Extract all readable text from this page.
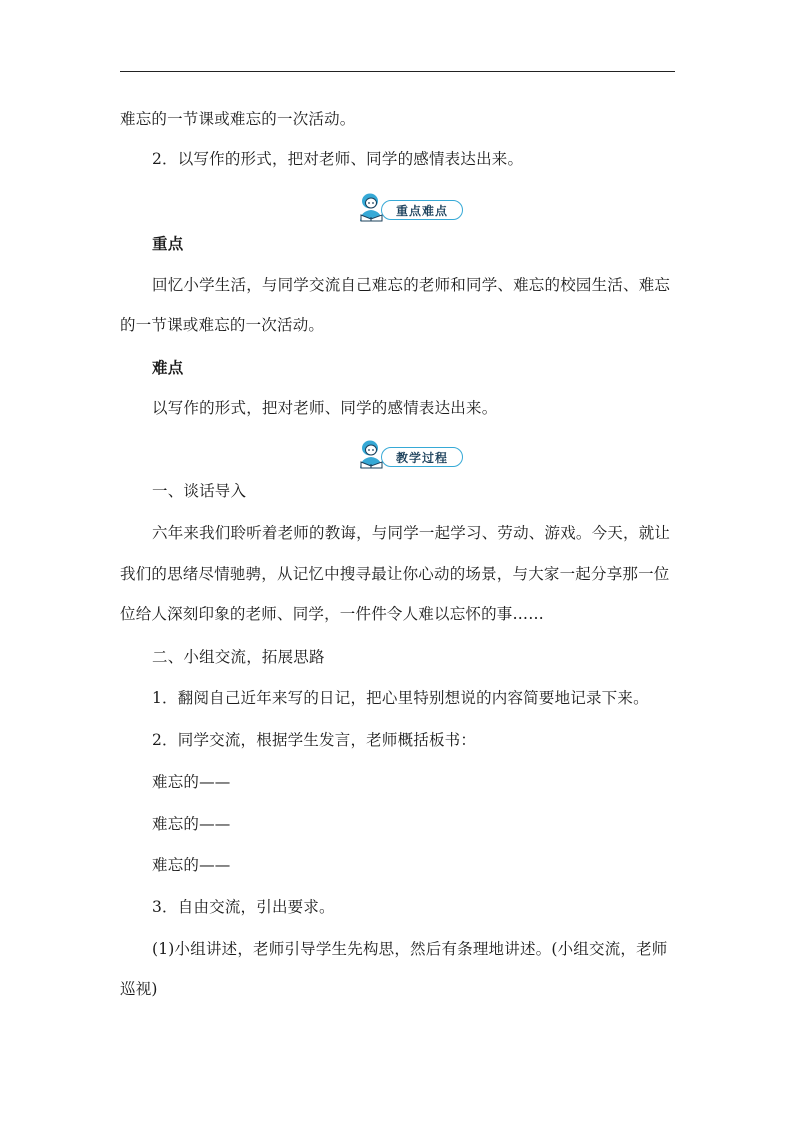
难忘的一节课或难忘的一次活动。
2．以写作的形式，把对老师、同学的感情表达出来。
重点难点
重点
回忆小学生活，与同学交流自己难忘的老师和同学、难忘的校园生活、难忘
的一节课或难忘的一次活动。
难点
以写作的形式，把对老师、同学的感情表达出来。
教学过程
一、谈话导入
六年来我们聆听着老师的教诲，与同学一起学习、劳动、游戏。今天，就让
我们的思绪尽情驰骋，从记忆中搜寻最让你心动的场景，与大家一起分享那一位
位给人深刻印象的老师、同学，一件件令人难以忘怀的事……
二、小组交流，拓展思路
1．翻阅自己近年来写的日记，把心里特别想说的内容简要地记录下来。
2．同学交流，根据学生发言，老师概括板书：
难忘的——
难忘的——
难忘的——
3．自由交流，引出要求。
(1)小组讲述，老师引导学生先构思，然后有条理地讲述。(小组交流，老师
巡视)
